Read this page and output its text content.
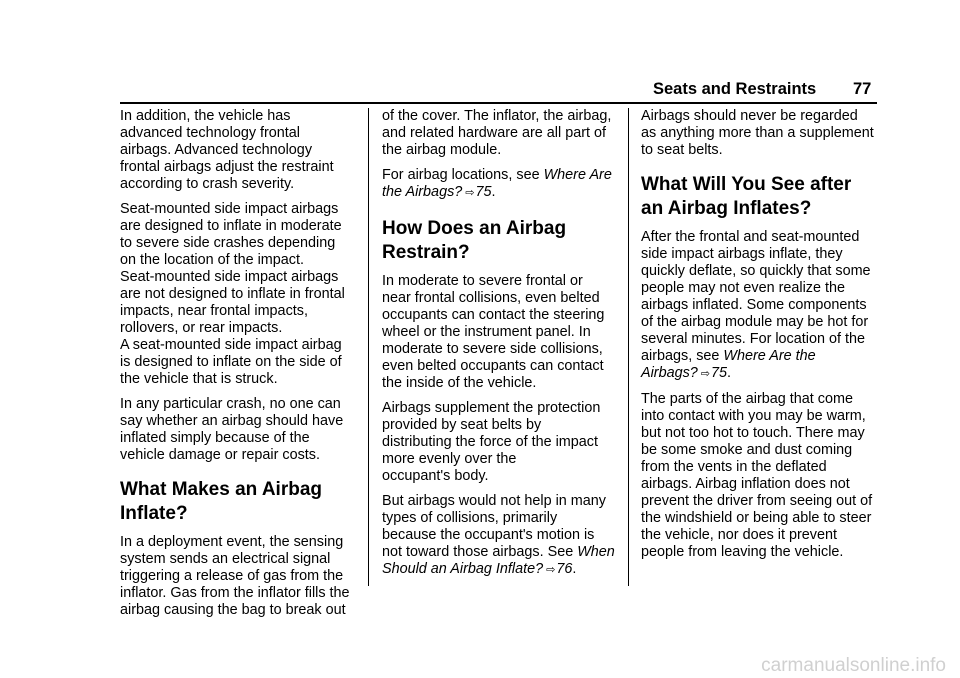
Seats and Restraints 77

In addition, the vehicle has
advanced technology frontal
airbags. Advanced technology
frontal airbags adjust the restraint
according to crash severity.

Seat-mounted side impact airbags
are designed to inflate in moderate
to severe side crashes depending
on the location of the impact.
Seat-mounted side impact airbags
are not designed to inflate in frontal
impacts, near frontal impacts,
rollovers, or rear impacts.
A seat-mounted side impact airbag
is designed to inflate on the side of
the vehicle that is struck.

In any particular crash, no one can
say whether an airbag should have
inflated simply because of the
vehicle damage or repair costs.

What Makes an Airbag
Inflate?

In a deployment event, the sensing
system sends an electrical signal
triggering a release of gas from the
inflator. Gas from the inflator fills the
airbag causing the bag to break out

of the cover. The inflator, the airbag,
and related hardware are all part of
the airbag module.

For airbag locations, see Where Are
the Airbags? ⇨75.

How Does an Airbag
Restrain?

In moderate to severe frontal or
near frontal collisions, even belted
occupants can contact the steering
wheel or the instrument panel. In
moderate to severe side collisions,
even belted occupants can contact
the inside of the vehicle.

Airbags supplement the protection
provided by seat belts by
distributing the force of the impact
more evenly over the
occupant's body.

But airbags would not help in many
types of collisions, primarily
because the occupant's motion is
not toward those airbags. See When
Should an Airbag Inflate? ⇨76.

Airbags should never be regarded
as anything more than a supplement
to seat belts.

What Will You See after
an Airbag Inflates?

After the frontal and seat-mounted
side impact airbags inflate, they
quickly deflate, so quickly that some
people may not even realize the
airbags inflated. Some components
of the airbag module may be hot for
several minutes. For location of the
airbags, see Where Are the
Airbags? ⇨75.

The parts of the airbag that come
into contact with you may be warm,
but not too hot to touch. There may
be some smoke and dust coming
from the vents in the deflated
airbags. Airbag inflation does not
prevent the driver from seeing out of
the windshield or being able to steer
the vehicle, nor does it prevent
people from leaving the vehicle.

carmanualsonline.info
